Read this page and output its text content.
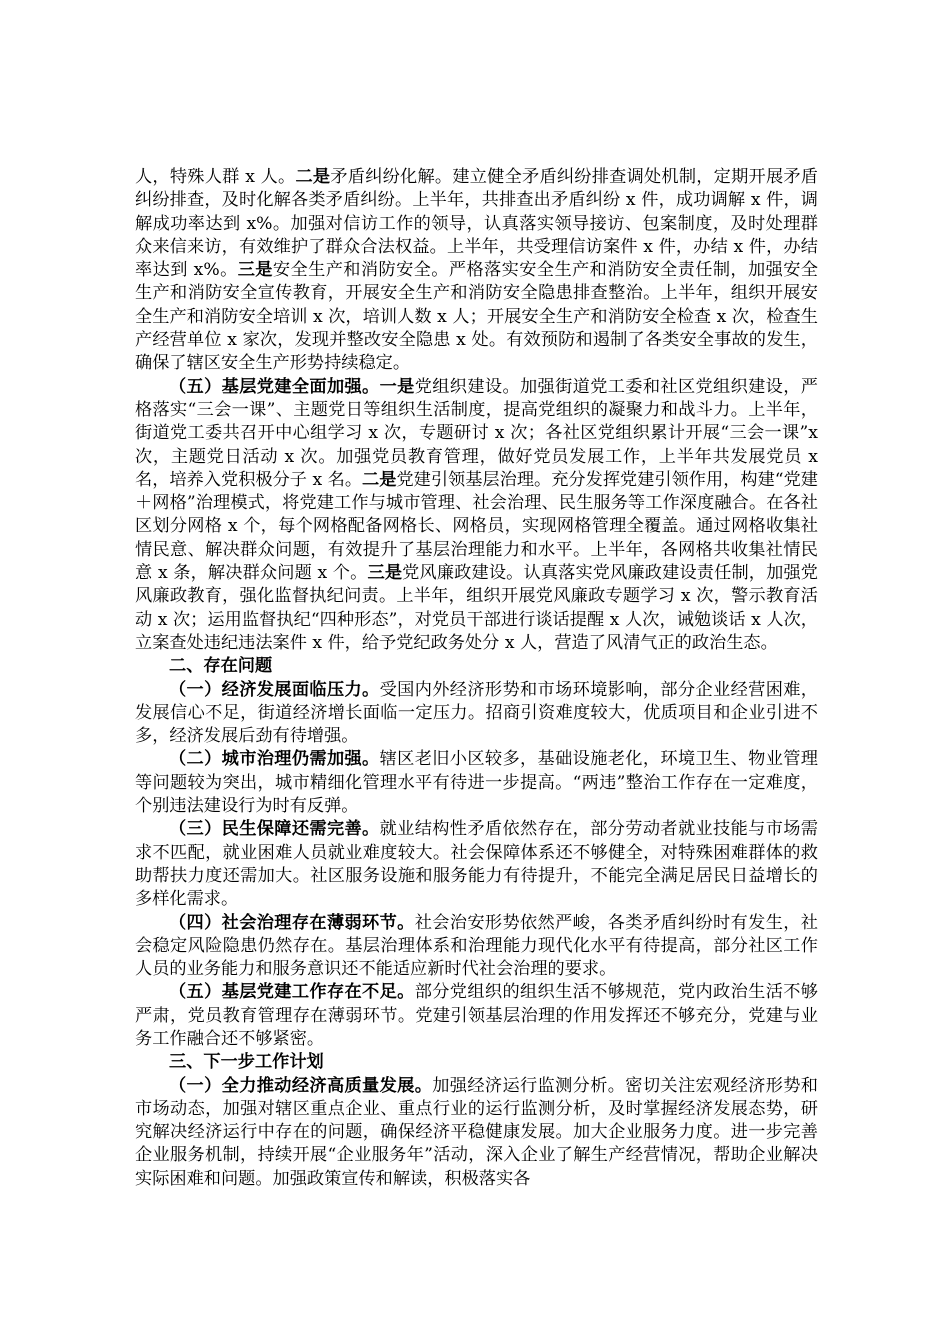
人，特殊人群 x 人。二是矛盾纠纷化解。建立健全矛盾纠纷排查调处机制，定期开展矛盾纠纷排查，及时化解各类矛盾纠纷。上半年，共排查出矛盾纠纷 x 件，成功调解 x 件，调解成功率达到 x%。加强对信访工作的领导，认真落实领导接访、包案制度，及时处理群众来信来访，有效维护了群众合法权益。上半年，共受理信访案件 x 件，办结 x 件，办结率达到 x%。三是安全生产和消防安全。严格落实安全生产和消防安全责任制，加强安全生产和消防安全宣传教育，开展安全生产和消防安全隐患排查整治。上半年，组织开展安全生产和消防安全培训 x 次，培训人数 x 人；开展安全生产和消防安全检查 x 次，检查生产经营单位 x 家次，发现并整改安全隐患 x 处。有效预防和遏制了各类安全事故的发生，确保了辖区安全生产形势持续稳定。

（五）基层党建全面加强。一是党组织建设。加强街道党工委和社区党组织建设，严格落实“三会一课”、主题党日等组织生活制度，提高党组织的凝聚力和战斗力。上半年，街道党工委共召开中心组学习 x 次，专题研讨 x 次；各社区党组织累计开展“三会一课”x 次，主题党日活动 x 次。加强党员教育管理，做好党员发展工作，上半年共发展党员 x 名，培养入党积极分子 x 名。二是党建引领基层治理。充分发挥党建引领作用，构建“党建＋网格”治理模式，将党建工作与城市管理、社会治理、民生服务等工作深度融合。在各社区划分网格 x 个，每个网格配备网格长、网格员，实现网格管理全覆盖。通过网格收集社情民意、解决群众问题，有效提升了基层治理能力和水平。上半年，各网格共收集社情民意 x 条，解决群众问题 x 个。三是党风廉政建设。认真落实党风廉政建设责任制，加强党风廉政教育，强化监督执纪问责。上半年，组织开展党风廉政专题学习 x 次，警示教育活动 x 次；运用监督执纪“四种形态”，对党员干部进行谈话提醒 x 人次，诫勉谈话 x 人次，立案查处违纪违法案件 x 件，给予党纪政务处分 x 人，营造了风清气正的政治生态。

二、存在问题

（一）经济发展面临压力。受国内外经济形势和市场环境影响，部分企业经营困难，发展信心不足，街道经济增长面临一定压力。招商引资难度较大，优质项目和企业引进不多，经济发展后劲有待增强。

（二）城市治理仍需加强。辖区老旧小区较多，基础设施老化，环境卫生、物业管理等问题较为突出，城市精细化管理水平有待进一步提高。“两违”整治工作存在一定难度，个别违法建设行为时有反弹。

（三）民生保障还需完善。就业结构性矛盾依然存在，部分劳动者就业技能与市场需求不匹配，就业困难人员就业难度较大。社会保障体系还不够健全，对特殊困难群体的救助帮扶力度还需加大。社区服务设施和服务能力有待提升，不能完全满足居民日益增长的多样化需求。

（四）社会治理存在薄弱环节。社会治安形势依然严峻，各类矛盾纠纷时有发生，社会稳定风险隐患仍然存在。基层治理体系和治理能力现代化水平有待提高，部分社区工作人员的业务能力和服务意识还不能适应新时代社会治理的要求。

（五）基层党建工作存在不足。部分党组织的组织生活不够规范，党内政治生活不够严肃，党员教育管理存在薄弱环节。党建引领基层治理的作用发挥还不够充分，党建与业务工作融合还不够紧密。

三、下一步工作计划

（一）全力推动经济高质量发展。加强经济运行监测分析。密切关注宏观经济形势和市场动态，加强对辖区重点企业、重点行业的运行监测分析，及时掌握经济发展态势，研究解决经济运行中存在的问题，确保经济平稳健康发展。加大企业服务力度。进一步完善企业服务机制，持续开展“企业服务年”活动，深入企业了解生产经营情况，帮助企业解决实际困难和问题。加强政策宣传和解读，积极落实各
